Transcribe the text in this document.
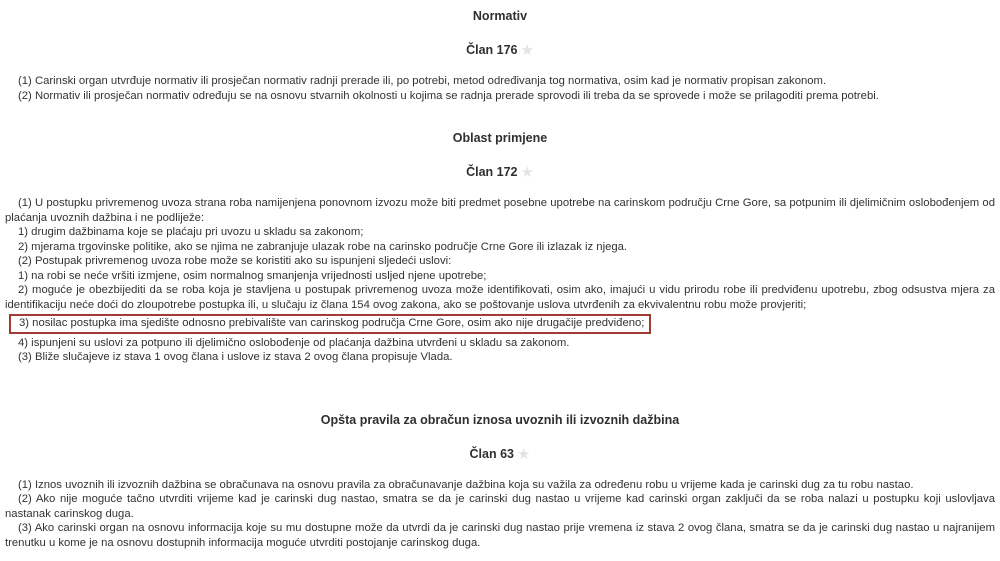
Normativ
Član 176 ★

(1) Carinski organ utvrđuje normativ ili prosječan normativ radnji prerade ili, po potrebi, metod određivanja tog normativa, osim kad je normativ propisan zakonom.

(2) Normativ ili prosječan normativ određuju se na osnovu stvarnih okolnosti u kojima se radnja prerade sprovodi ili treba da se sprovede i može se prilagoditi prema potrebi.

Oblast primjene
Član 172 ★

(1) U postupku privremenog uvoza strana roba namijenjena ponovnom izvozu može biti predmet posebne upotrebe na carinskom području Crne Gore, sa potpunim ili djelimičnim oslobođenjem od plaćanja uvoznih dažbina i ne podliježe:

1) drugim dažbinama koje se plaćaju pri uvozu u skladu sa zakonom;

2) mjerama trgovinske politike, ako se njima ne zabranjuje ulazak robe na carinsko područje Crne Gore ili izlazak iz njega.

(2) Postupak privremenog uvoza robe može se koristiti ako su ispunjeni sljedeći uslovi:

1) na robi se neće vršiti izmjene, osim normalnog smanjenja vrijednosti usljed njene upotrebe;

2) moguće je obezbijediti da se roba koja je stavljena u postupak privremenog uvoza može identifikovati, osim ako, imajući u vidu prirodu robe ili predviđenu upotrebu, zbog odsustva mjera za identifikaciju neće doći do zloupotrebe postupka ili, u slučaju iz člana 154 ovog zakona, ako se poštovanje uslova utvrđenih za ekvivalentnu robu može provjeriti;

3) nosilac postupka ima sjedište odnosno prebivalište van carinskog područja Crne Gore, osim ako nije drugačije predviđeno;

4) ispunjeni su uslovi za potpuno ili djelimično oslobođenje od plaćanja dažbina utvrđeni u skladu sa zakonom.

(3) Bliže slučajeve iz stava 1 ovog člana i uslove iz stava 2 ovog člana propisuje Vlada.

Opšta pravila za obračun iznosa uvoznih ili izvoznih dažbina
Član 63 ★

(1) Iznos uvoznih ili izvoznih dažbina se obračunava na osnovu pravila za obračunavanje dažbina koja su važila za određenu robu u vrijeme kada je carinski dug za tu robu nastao.

(2) Ako nije moguće tačno utvrditi vrijeme kad je carinski dug nastao, smatra se da je carinski dug nastao u vrijeme kad carinski organ zaključi da se roba nalazi u postupku koji uslovljava nastanak carinskog duga.

(3) Ako carinski organ na osnovu informacija koje su mu dostupne može da utvrdi da je carinski dug nastao prije vremena iz stava 2 ovog člana, smatra se da je carinski dug nastao u najranijem trenutku u kome je na osnovu dostupnih informacija moguće utvrditi postojanje carinskog duga.
